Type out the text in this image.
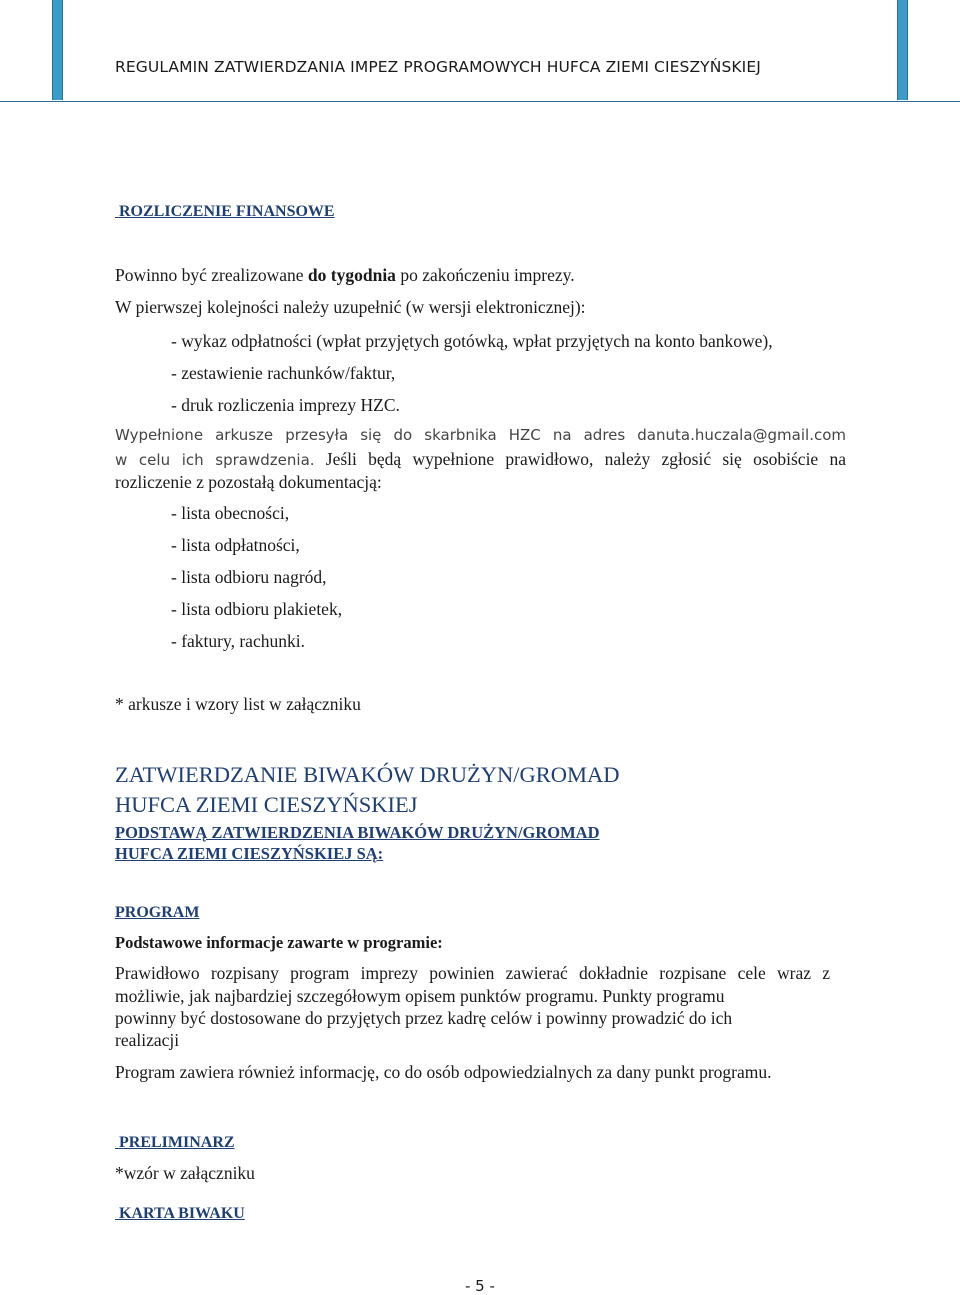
REGULAMIN ZATWIERDZANIA IMPEZ PROGRAMOWYCH HUFCA ZIEMI CIESZYŃSKIEJ
ROZLICZENIE FINANSOWE
Powinno być zrealizowane do tygodnia po zakończeniu imprezy.
W pierwszej kolejności należy uzupełnić (w wersji elektronicznej):
- wykaz odpłatności (wpłat przyjętych gotówką, wpłat przyjętych na konto bankowe),
- zestawienie rachunków/faktur,
- druk rozliczenia imprezy HZC.
Wypełnione arkusze przesyła się do skarbnika HZC na adres danuta.huczala@gmail.com
w celu ich sprawdzenia. Jeśli będą wypełnione prawidłowo, należy zgłosić się osobiście na
rozliczenie z pozostałą dokumentacją:
- lista obecności,
- lista odpłatności,
- lista odbioru nagród,
- lista odbioru plakietek,
- faktury, rachunki.
* arkusze i wzory list w załączniku
ZATWIERDZANIE BIWAKÓW DRUŻYN/GROMAD
HUFCA ZIEMI CIESZYŃSKIEJ
PODSTAWĄ ZATWIERDZENIA BIWAKÓW DRUŻYN/GROMAD
HUFCA ZIEMI CIESZYŃSKIEJ SĄ:
PROGRAM
Podstawowe informacje zawarte w programie:
Prawidłowo rozpisany program imprezy powinien zawierać dokładnie rozpisane cele wraz z
możliwie, jak najbardziej szczegółowym opisem punktów programu. Punkty programu
powinny być dostosowane do przyjętych przez kadrę celów i powinny prowadzić do ich
realizacji
Program zawiera również informację, co do osób odpowiedzialnych za dany punkt programu.
PRELIMINARZ
*wzór w załączniku
KARTA BIWAKU
- 5 -
